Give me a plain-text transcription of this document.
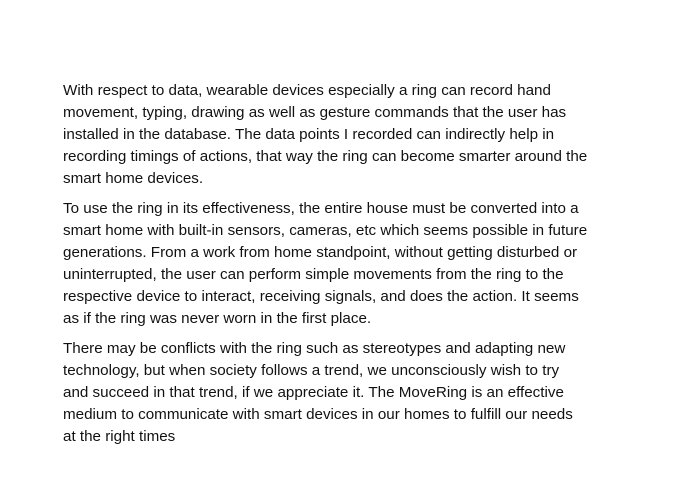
With respect to data, wearable devices especially a ring can record hand
movement, typing, drawing as well as gesture commands that the user has
installed in the database. The data points I recorded can indirectly help in
recording timings of actions, that way the ring can become smarter around the
smart home devices.

To use the ring in its effectiveness, the entire house must be converted into a
smart home with built-in sensors, cameras, etc which seems possible in future
generations. From a work from home standpoint, without getting disturbed or
uninterrupted, the user can perform simple movements from the ring to the
respective device to interact, receiving signals, and does the action. It seems
as if the ring was never worn in the first place.

There may be conflicts with the ring such as stereotypes and adapting new
technology, but when society follows a trend, we unconsciously wish to try
and succeed in that trend, if we appreciate it. The MoveRing is an effective
medium to communicate with smart devices in our homes to fulfill our needs
at the right times
